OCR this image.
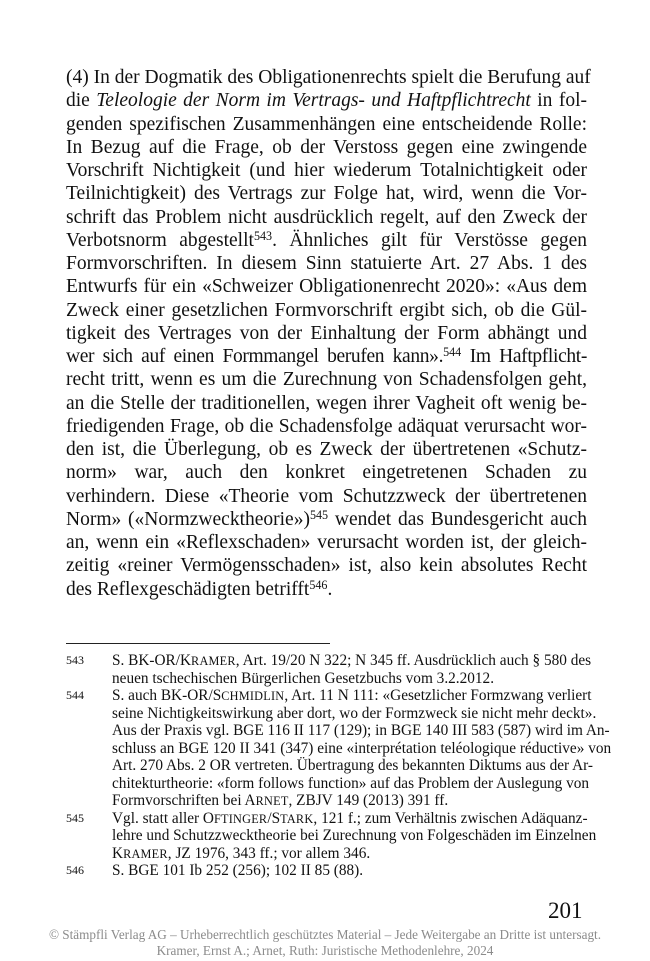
(4) In der Dogmatik des Obligationenrechts spielt die Berufung auf
die Teleologie der Norm im Vertrags- und Haftpflichtrecht in fol-
genden spezifischen Zusammenhängen eine entscheidende Rolle:
In Bezug auf die Frage, ob der Verstoss gegen eine zwingende
Vorschrift Nichtigkeit (und hier wiederum Totalnichtigkeit oder
Teilnichtigkeit) des Vertrags zur Folge hat, wird, wenn die Vor-
schrift das Problem nicht ausdrücklich regelt, auf den Zweck der
Verbotsnorm abgestellt$^{543}$. Ähnliches gilt für Verstösse gegen
Formvorschriften. In diesem Sinn statuierte Art. 27 Abs. 1 des
Entwurfs für ein «Schweizer Obligationenrecht 2020»: «Aus dem
Zweck einer gesetzlichen Formvorschrift ergibt sich, ob die Gül-
tigkeit des Vertrages von der Einhaltung der Form abhängt und
wer sich auf einen Formmangel berufen kann».$^{544}$ Im Haftpflicht-
recht tritt, wenn es um die Zurechnung von Schadensfolgen geht,
an die Stelle der traditionellen, wegen ihrer Vagheit oft wenig be-
friedigenden Frage, ob die Schadensfolge adäquat verursacht wor-
den ist, die Überlegung, ob es Zweck der übertretenen «Schutz-
norm» war, auch den konkret eingetretenen Schaden zu
verhindern. Diese «Theorie vom Schutzzweck der übertretenen
Norm» («Normzwecktheorie»)$^{545}$ wendet das Bundesgericht auch
an, wenn ein «Reflexschaden» verursacht worden ist, der gleich-
zeitig «reiner Vermögensschaden» ist, also kein absolutes Recht
des Reflexgeschädigten betrifft$^{546}$.
543 S. BK-OR/KRAMER, Art. 19/20 N 322; N 345 ff. Ausdrücklich auch § 580 des
neuen tschechischen Bürgerlichen Gesetzbuchs vom 3.2.2012.
544 S. auch BK-OR/SCHMIDLIN, Art. 11 N 111: «Gesetzlicher Formzwang verliert
seine Nichtigkeitswirkung aber dort, wo der Formzweck sie nicht mehr deckt».
Aus der Praxis vgl. BGE 116 II 117 (129); in BGE 140 III 583 (587) wird im An-
schluss an BGE 120 II 341 (347) eine «interprétation teléologique réductive» von
Art. 270 Abs. 2 OR vertreten. Übertragung des bekannten Diktums aus der Ar-
chitekturtheorie: «form follows function» auf das Problem der Auslegung von
Formvorschriften bei ARNET, ZBJV 149 (2013) 391 ff.
545 Vgl. statt aller OFTINGER/STARK, 121 f.; zum Verhältnis zwischen Adäquanz-
lehre und Schutzzwecktheorie bei Zurechnung von Folgeschäden im Einzelnen
KRAMER, JZ 1976, 343 ff.; vor allem 346.
546 S. BGE 101 Ib 252 (256); 102 II 85 (88).
201
© Stämpfli Verlag AG – Urheberrechtlich geschütztes Material – Jede Weitergabe an Dritte ist untersagt.
Kramer, Ernst A.; Arnet, Ruth: Juristische Methodenlehre, 2024
